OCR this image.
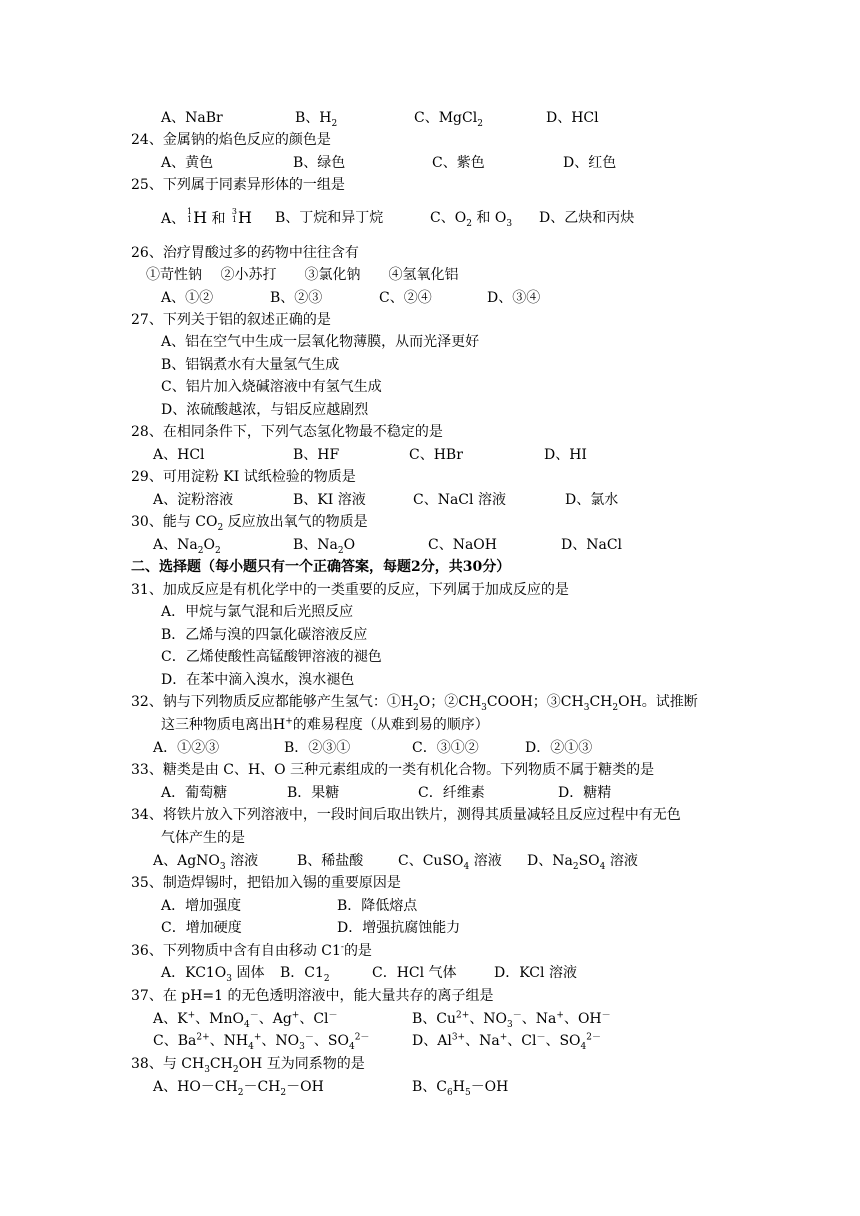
A、NaBr	B、$H_2$	C、MgCl$_2$	D、HCl
24、金属钠的焰色反应的颜色是
A、黄色	B、绿色	C、紫色	D、红色
25、下列属于同素异形体的一组是
A、 1
1 H 和 3
1 H B、丁烷和异丁烷	C、$O_2$ 和 $O_3$ D、乙炔和丙炔
26、治疗胃酸过多的药物中往往含有
①苛性钠　 ②小苏打　　③氯化钠　　④氢氧化铝
A、①②	B、②③	C、②④	D、③④
27、下列关于铝的叙述正确的是
A、铝在空气中生成一层氧化物薄膜，从而光泽更好
B、铝锅煮水有大量氢气生成
C、铝片加入烧碱溶液中有氢气生成
D、浓硫酸越浓，与铝反应越剧烈
28、在相同条件下，下列气态氢化物最不稳定的是
A、HCl	B、HF	C、HBr	D、HI
29、可用淀粉 KI 试纸检验的物质是
A、淀粉溶液	B、KI 溶液	C、NaCl 溶液	D、氯水
30、能与 $CO_2$ 反应放出氧气的物质是
A、$Na_2O_2$	B、$Na_2O$	C、NaOH	D、NaCl
二、选择题（每小题只有一个正确答案，每题2分，共30分）
31、加成反应是有机化学中的一类重要的反应，下列属于加成反应的是
A．甲烷与氯气混和后光照反应
B．乙烯与溴的四氯化碳溶液反应
C．乙烯使酸性高锰酸钾溶液的褪色
D．在苯中滴入溴水，溴水褪色
32、钠与下列物质反应都能够产生氢气：$①H_2O$；$②CH_3COOH$；$③CH_3CH_2OH$。试推断
这三种物质电离出H+的难易程度（从难到易的顺序）
A．①②③	B．②③①	C．③①②	D．②①③
33、糖类是由 C、H、O 三种元素组成的一类有机化合物。下列物质不属于糖类的是
A．葡萄糖	B．果糖	C．纤维素	D．糖精
34、将铁片放入下列溶液中，一段时间后取出铁片，测得其质量减轻且反应过程中有无色
气体产生的是
A、AgNO$_3$ 溶液	B、稀盐酸 C、CuSO$_4$ 溶液 D、$Na_2SO_4$ 溶液
35、制造焊锡时，把铅加入锡的重要原因是
A．增加强度	B．降低熔点
C．增加硬度	D．增强抗腐蚀能力
36、下列物质中含有自由移动 C1-的是
A．$KC1O_3$ 固体 B．$C1_2$	C．HCl 气体	D．KCl 溶液
37、在 pH=1 的无色透明溶液中，能大量共存的离子组是
A、K+、MnO$_4$－、Ag+、Cl－	B、$Cu^{2+}$、$NO_3^-$、Na+、OH－
C、$Ba^{2+}$、$NH_4^+$、$NO_3^-$、$SO_4^{2-}$	D、$Al^{3+}$、Na+、Cl－、$SO_4^{2-}$
38、与 $CH_3CH_2OH$ 互为同系物的是
A、$HO-CH_2-CH_2-OH$	B、$C_6H_5-OH$
